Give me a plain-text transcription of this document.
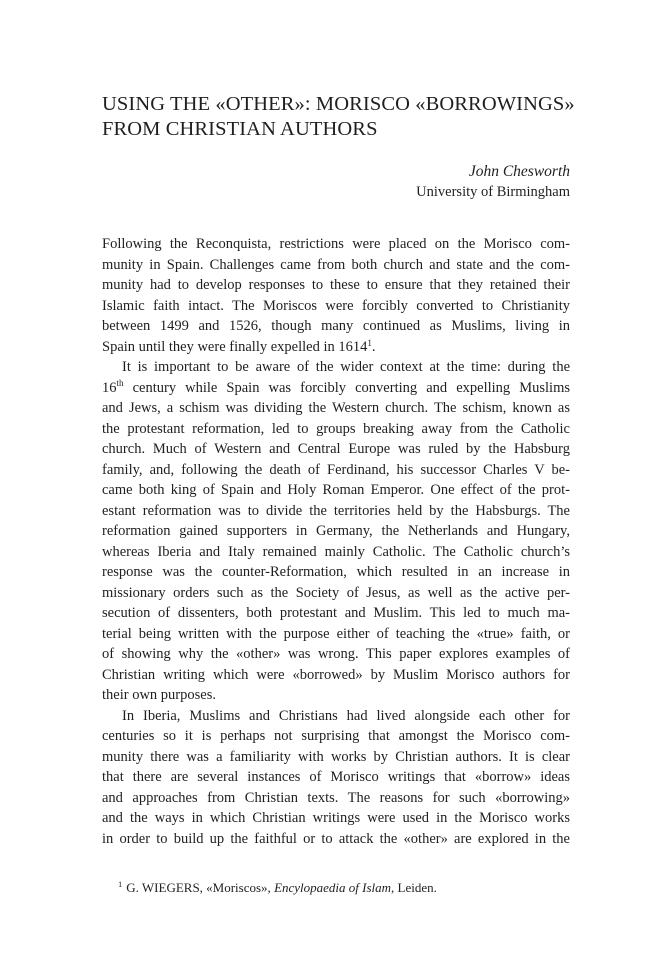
USING THE «OTHER»: MORISCO «BORROWINGS»
FROM CHRISTIAN AUTHORS
John Chesworth
University of Birmingham
Following the Reconquista, restrictions were placed on the Morisco com-
munity in Spain. Challenges came from both church and state and the com-
munity had to develop responses to these to ensure that they retained their
Islamic faith intact. The Moriscos were forcibly converted to Christianity
between 1499 and 1526, though many continued as Muslims, living in
Spain until they were finally expelled in 1614$^1$.
It is important to be aware of the wider context at the time: during the
16th century while Spain was forcibly converting and expelling Muslims
and Jews, a schism was dividing the Western church. The schism, known as
the protestant reformation, led to groups breaking away from the Catholic
church. Much of Western and Central Europe was ruled by the Habsburg
family, and, following the death of Ferdinand, his successor Charles V be-
came both king of Spain and Holy Roman Emperor. One effect of the prot-
estant reformation was to divide the territories held by the Habsburgs. The
reformation gained supporters in Germany, the Netherlands and Hungary,
whereas Iberia and Italy remained mainly Catholic. The Catholic church’s
response was the counter-Reformation, which resulted in an increase in
missionary orders such as the Society of Jesus, as well as the active per-
secution of dissenters, both protestant and Muslim. This led to much ma-
terial being written with the purpose either of teaching the «true» faith, or
of showing why the «other» was wrong. This paper explores examples of
Christian writing which were «borrowed» by Muslim Morisco authors for
their own purposes.
In Iberia, Muslims and Christians had lived alongside each other for
centuries so it is perhaps not surprising that amongst the Morisco com-
munity there was a familiarity with works by Christian authors. It is clear
that there are several instances of Morisco writings that «borrow» ideas
and approaches from Christian texts. The reasons for such «borrowing»
and the ways in which Christian writings were used in the Morisco works
in order to build up the faithful or to attack the «other» are explored in the
$^1$ G. WIEGERS, «Moriscos», Encylopaedia of Islam, Leiden.
